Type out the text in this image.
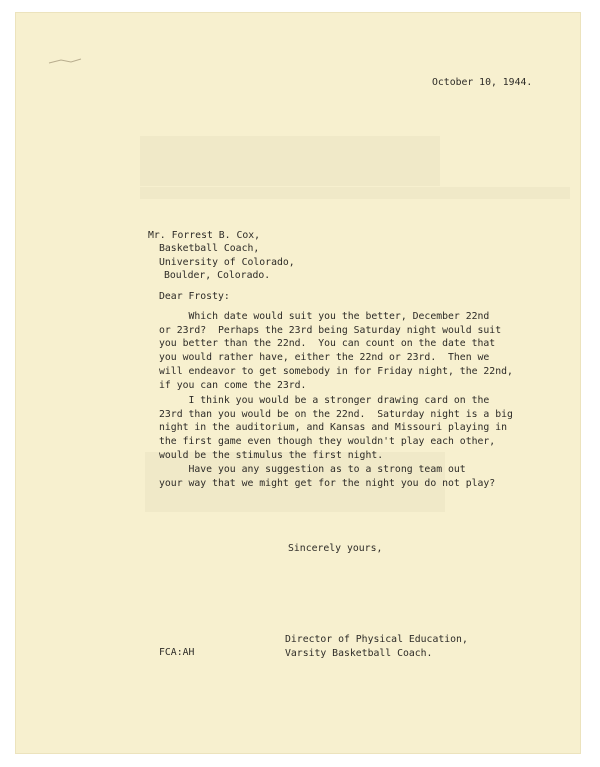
October 10, 1944.

Mr. Forrest B. Cox,

Basketball Coach,

University of Colorado,

Boulder, Colorado.

Dear Frosty:

Which date would suit you the better, December 22nd
or 23rd?  Perhaps the 23rd being Saturday night would suit
you better than the 22nd.  You can count on the date that
you would rather have, either the 22nd or 23rd.  Then we
will endeavor to get somebody in for Friday night, the 22nd,
if you can come the 23rd.
I think you would be a stronger drawing card on the
23rd than you would be on the 22nd.  Saturday night is a big
night in the auditorium, and Kansas and Missouri playing in
the first game even though they wouldn't play each other,
would be the stimulus the first night.
Have you any suggestion as to a strong team out
your way that we might get for the night you do not play?

Sincerely yours,

Director of Physical Education,

Varsity Basketball Coach.

FCA:AH
